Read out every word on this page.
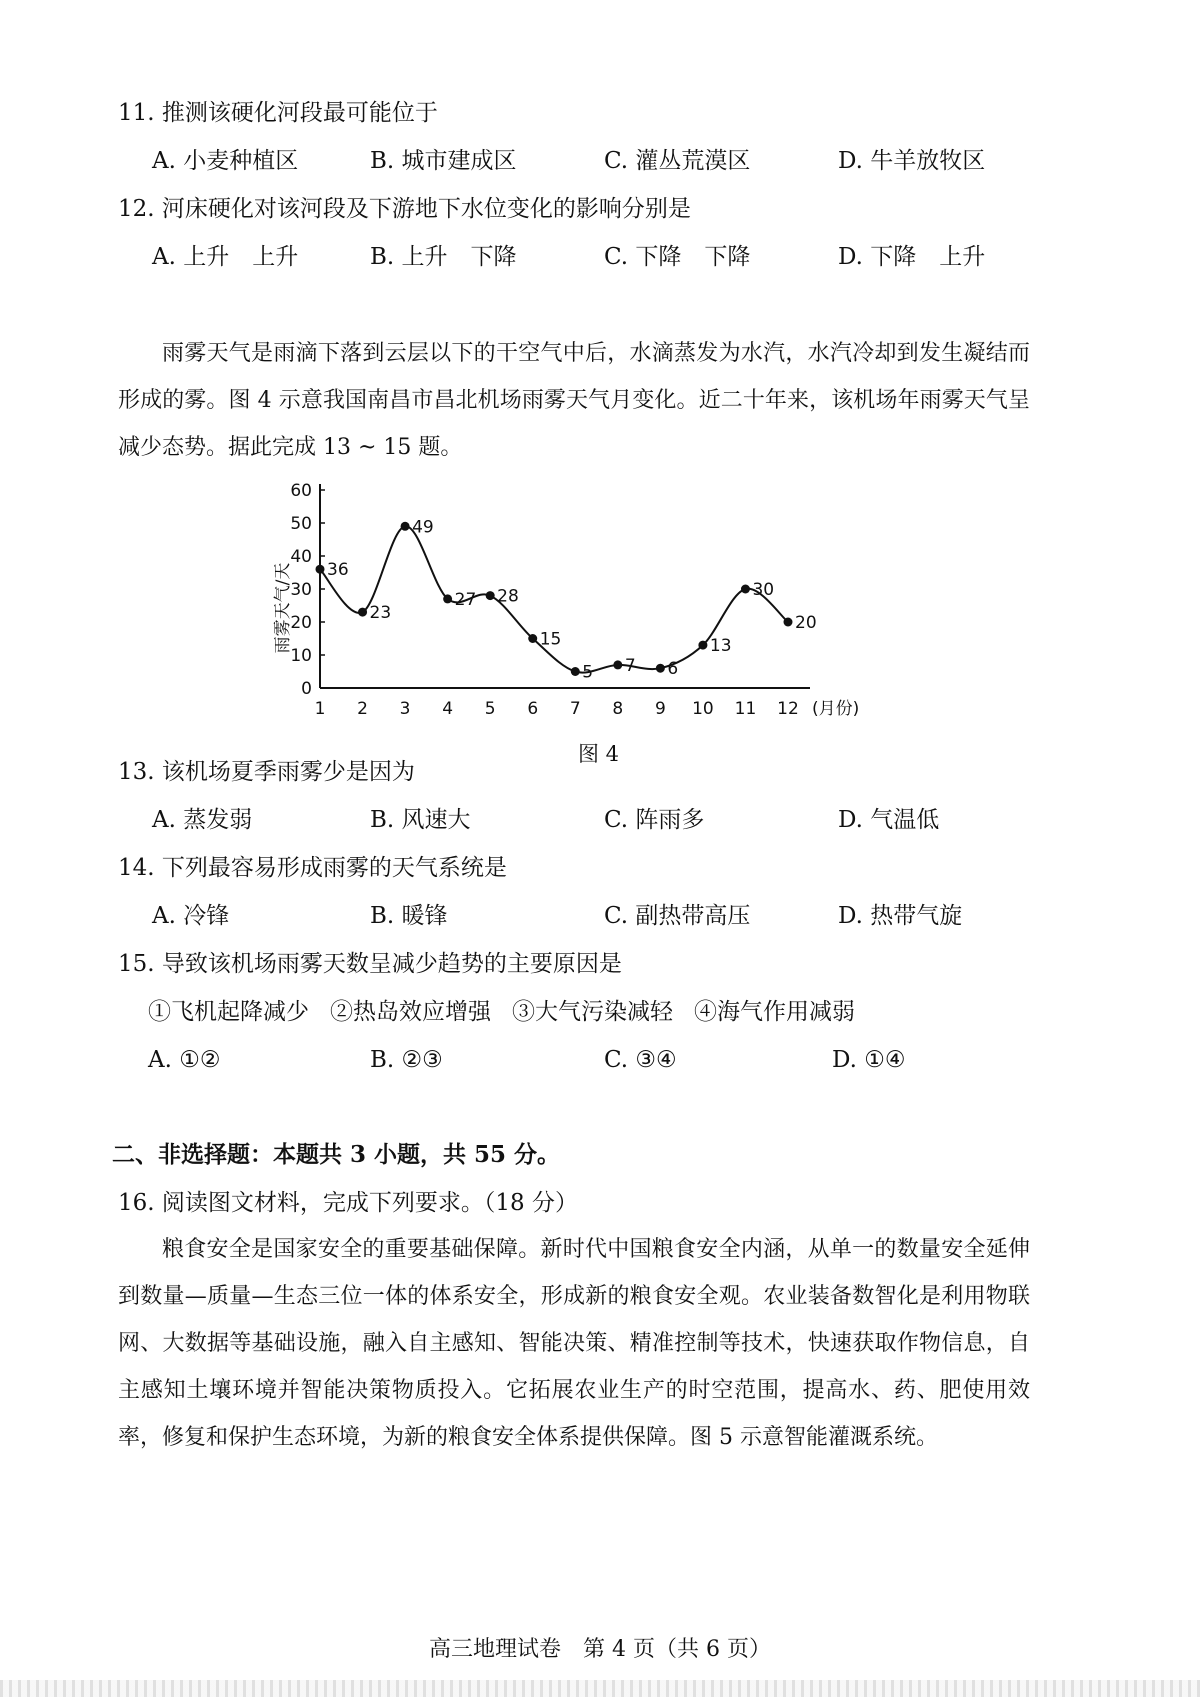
11. 推测该硬化河段最可能位于
A. 小麦种植区	B. 城市建成区	C. 灌丛荒漠区	D. 牛羊放牧区
12. 河床硬化对该河段及下游地下水位变化的影响分别是
A. 上升　上升	B. 上升　下降	C. 下降　下降	D. 下降　上升
雨雾天气是雨滴下落到云层以下的干空气中后，水滴蒸发为水汽，水汽冷却到发生凝结而形成的雾。图 4 示意我国南昌市昌北机场雨雾天气月变化。近二十年来，该机场年雨雾天气呈减少态势。据此完成 13 ~ 15 题。
0
10
20
30
40
50
60
1 2 3 4 5 6 7 8 9 10 11 12
36
23
49
27 28
15
5 7 6
13
30
20
雨雾天气/天
(月份)
图 4
13. 该机场夏季雨雾少是因为
A. 蒸发弱	B. 风速大	C. 阵雨多	D. 气温低
14. 下列最容易形成雨雾的天气系统是
A. 冷锋	B. 暖锋	C. 副热带高压	D. 热带气旋
15. 导致该机场雨雾天数呈减少趋势的主要原因是
①飞机起降减少 ②热岛效应增强 ③大气污染减轻 ④海气作用减弱
A. ①②	B. ②③	C. ③④	D. ①④
二、非选择题：本题共 3 小题，共 55 分。
16. 阅读图文材料，完成下列要求。（18 分）
粮食安全是国家安全的重要基础保障。新时代中国粮食安全内涵，从单一的数量安全延伸到数量—质量—生态三位一体的体系安全，形成新的粮食安全观。农业装备数智化是利用物联网、大数据等基础设施，融入自主感知、智能决策、精准控制等技术，快速获取作物信息，自主感知土壤环境并智能决策物质投入。它拓展农业生产的时空范围，提高水、药、肥使用效率，修复和保护生态环境，为新的粮食安全体系提供保障。图 5 示意智能灌溉系统。
高三地理试卷　第 4 页（共 6 页）
